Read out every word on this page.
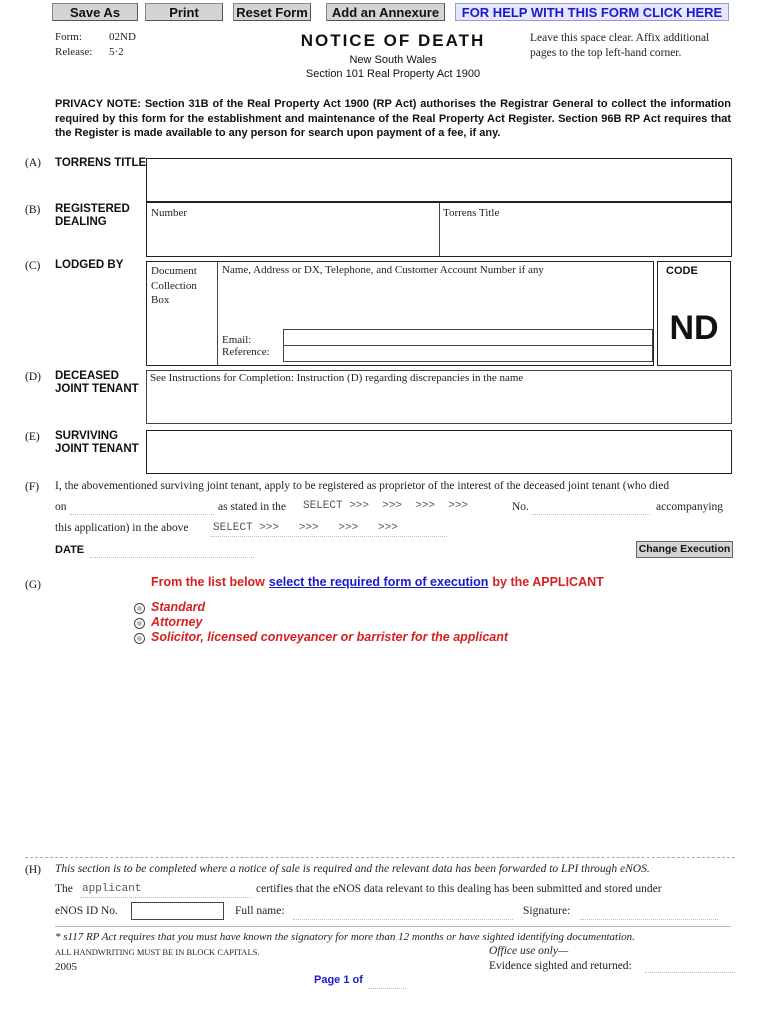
Save As	Print	Reset Form	Add an Annexure	FOR HELP WITH THIS FORM CLICK HERE
Form: 02ND
Release: 5·2
NOTICE OF DEATH
New South Wales
Section 101 Real Property Act 1900
Leave this space clear. Affix additional pages to the top left-hand corner.
PRIVACY NOTE: Section 31B of the Real Property Act 1900 (RP Act) authorises the Registrar General to collect the information required by this form for the establishment and maintenance of the Real Property Act Register. Section 96B RP Act requires that the Register is made available to any person for search upon payment of a fee, if any.
(A) TORRENS TITLE
(B) REGISTERED DEALING
Number	Torrens Title
(C) LODGED BY	Document Collection Box
Name, Address or DX, Telephone, and Customer Account Number if any
Email:
Reference:
CODE
ND
(D) DECEASED JOINT TENANT
See Instructions for Completion: Instruction (D) regarding discrepancies in the name
(E) SURVIVING JOINT TENANT
(F) I, the abovementioned surviving joint tenant, apply to be registered as proprietor of the interest of the deceased joint tenant (who died
on	as stated in the SELECT >>>  >>>  >>>  >>>	No.	accompanying
this application) in the above SELECT >>>   >>>   >>>   >>>
DATE	Change Execution
(G)	From the list below select the required form of execution by the APPLICANT
Standard
Attorney
Solicitor, licensed conveyancer or barrister for the applicant
(H) This section is to be completed where a notice of sale is required and the relevant data has been forwarded to LPI through eNOS.
The applicant	certifies that the eNOS data relevant to this dealing has been submitted and stored under
eNOS ID No.	Full name:	Signature:
* s117 RP Act requires that you must have known the signatory for more than 12 months or have sighted identifying documentation.
ALL HANDWRITING MUST BE IN BLOCK CAPITALS.
2005
Office use only—
Evidence sighted and returned:
Page 1 of
